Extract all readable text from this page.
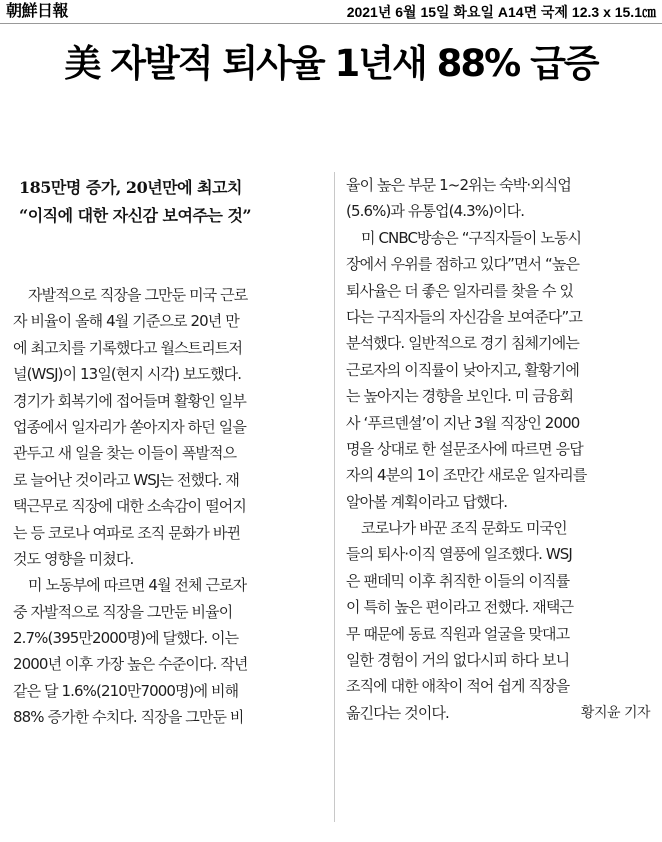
朝鮮日報	2021년 6월 15일 화요일 A14면 국제 12.3 x 15.1㎝
美 자발적 퇴사율 1년새 88% 급증
185만명 증가, 20년만에 최고치
“이직에 대한 자신감 보여주는 것”
자발적으로 직장을 그만둔 미국 근로
자 비율이 올해 4월 기준으로 20년 만
에 최고치를 기록했다고 월스트리트저
널(WSJ)이 13일(현지 시각) 보도했다.
경기가 회복기에 접어들며 활황인 일부
업종에서 일자리가 쏟아지자 하던 일을
관두고 새 일을 찾는 이들이 폭발적으
로 늘어난 것이라고 WSJ는 전했다. 재
택근무로 직장에 대한 소속감이 떨어지
는 등 코로나 여파로 조직 문화가 바뀐
것도 영향을 미쳤다.
미 노동부에 따르면 4월 전체 근로자
중 자발적으로 직장을 그만둔 비율이
2.7%(395만2000명)에 달했다. 이는
2000년 이후 가장 높은 수준이다. 작년
같은 달 1.6%(210만7000명)에 비해
88% 증가한 수치다. 직장을 그만둔 비
율이 높은 부문 1~2위는 숙박·외식업
(5.6%)과 유통업(4.3%)이다.
미 CNBC방송은 “구직자들이 노동시
장에서 우위를 점하고 있다”면서 “높은
퇴사율은 더 좋은 일자리를 찾을 수 있
다는 구직자들의 자신감을 보여준다”고
분석했다. 일반적으로 경기 침체기에는
근로자의 이직률이 낮아지고, 활황기에
는 높아지는 경향을 보인다. 미 금융회
사 ‘푸르덴셜’이 지난 3월 직장인 2000
명을 상대로 한 설문조사에 따르면 응답
자의 4분의 1이 조만간 새로운 일자리를
알아볼 계획이라고 답했다.
코로나가 바꾼 조직 문화도 미국인
들의 퇴사·이직 열풍에 일조했다. WSJ
은 팬데믹 이후 취직한 이들의 이직률
이 특히 높은 편이라고 전했다. 재택근
무 때문에 동료 직원과 얼굴을 맞대고
일한 경험이 거의 없다시피 하다 보니
조직에 대한 애착이 적어 쉽게 직장을
옮긴다는 것이다.	황지윤 기자
